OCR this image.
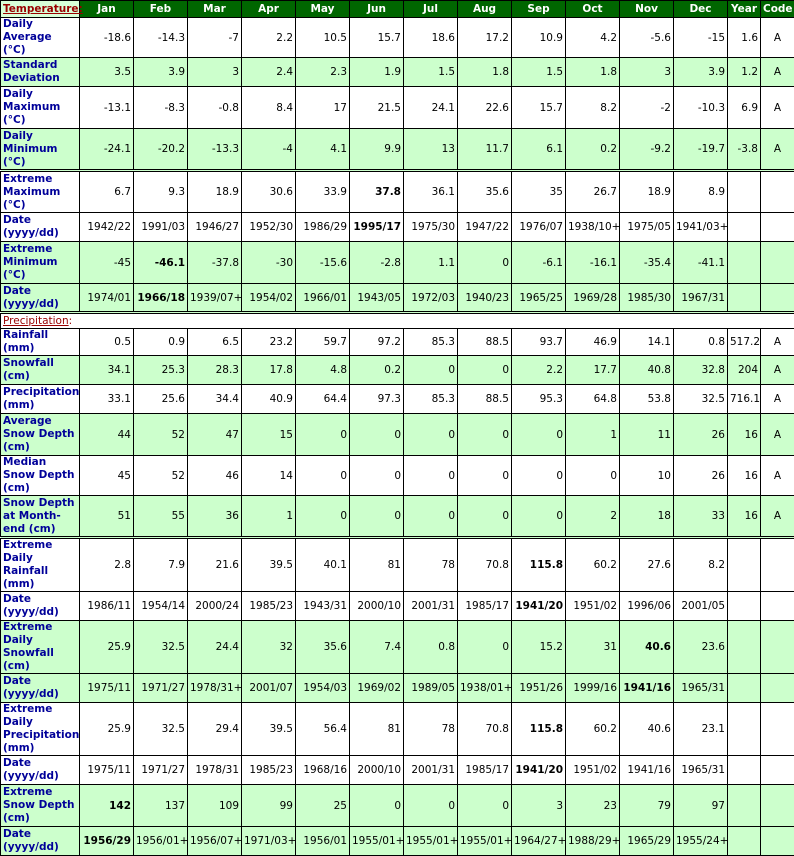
Temperature:	Jan	Feb	Mar	Apr	May	Jun	Jul	Aug	Sep	Oct	Nov	Dec	Year	Code
Daily Average (°C)	-18.6	-14.3	-7	2.2	10.5	15.7	18.6	17.2	10.9	4.2	-5.6	-15	1.6	A
Standard Deviation	3.5	3.9	3	2.4	2.3	1.9	1.5	1.8	1.5	1.8	3	3.9	1.2	A
Daily Maximum (°C)	-13.1	-8.3	-0.8	8.4	17	21.5	24.1	22.6	15.7	8.2	-2	-10.3	6.9	A
Daily Minimum (°C)	-24.1	-20.2	-13.3	-4	4.1	9.9	13	11.7	6.1	0.2	-9.2	-19.7	-3.8	A
Extreme Maximum (°C)	6.7	9.3	18.9	30.6	33.9	37.8	36.1	35.6	35	26.7	18.9	8.9		
Date (yyyy/dd)	1942/22	1991/03	1946/27	1952/30	1986/29	1995/17	1975/30	1947/22	1976/07	1938/10+	1975/05	1941/03+		
Extreme Minimum (°C)	-45	-46.1	-37.8	-30	-15.6	-2.8	1.1	0	-6.1	-16.1	-35.4	-41.1		
Date (yyyy/dd)	1974/01	1966/18	1939/07+	1954/02	1966/01	1943/05	1972/03	1940/23	1965/25	1969/28	1985/30	1967/31		
Precipitation:														
Rainfall (mm)	0.5	0.9	6.5	23.2	59.7	97.2	85.3	88.5	93.7	46.9	14.1	0.8	517.2	A
Snowfall (cm)	34.1	25.3	28.3	17.8	4.8	0.2	0	0	2.2	17.7	40.8	32.8	204	A
Precipitation (mm)	33.1	25.6	34.4	40.9	64.4	97.3	85.3	88.5	95.3	64.8	53.8	32.5	716.1	A
Average Snow Depth (cm)	44	52	47	15	0	0	0	0	0	1	11	26	16	A
Median Snow Depth (cm)	45	52	46	14	0	0	0	0	0	0	10	26	16	A
Snow Depth at Month-end (cm)	51	55	36	1	0	0	0	0	0	2	18	33	16	A
Extreme Daily Rainfall (mm)	2.8	7.9	21.6	39.5	40.1	81	78	70.8	115.8	60.2	27.6	8.2		
Date (yyyy/dd)	1986/11	1954/14	2000/24	1985/23	1943/31	2000/10	2001/31	1985/17	1941/20	1951/02	1996/06	2001/05		
Extreme Daily Snowfall (cm)	25.9	32.5	24.4	32	35.6	7.4	0.8	0	15.2	31	40.6	23.6		
Date (yyyy/dd)	1975/11	1971/27	1978/31+	2001/07	1954/03	1969/02	1989/05	1938/01+	1951/26	1999/16	1941/16	1965/31		
Extreme Daily Precipitation (mm)	25.9	32.5	29.4	39.5	56.4	81	78	70.8	115.8	60.2	40.6	23.1		
Date (yyyy/dd)	1975/11	1971/27	1978/31	1985/23	1968/16	2000/10	2001/31	1985/17	1941/20	1951/02	1941/16	1965/31		
Extreme Snow Depth (cm)	142	137	109	99	25	0	0	0	3	23	79	97		
Date (yyyy/dd)	1956/29	1956/01+	1956/07+	1971/03+	1956/01	1955/01+	1955/01+	1955/01+	1964/27+	1988/29+	1965/29	1955/24+		
